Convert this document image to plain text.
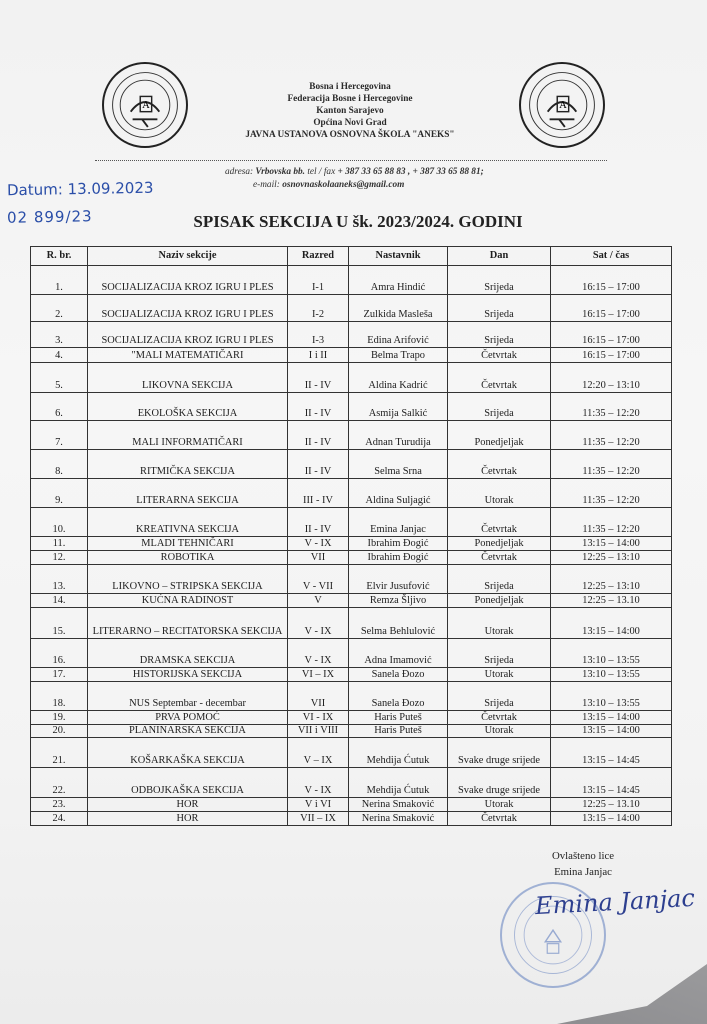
A	A
Bosna i Hercegovina
Federacija Bosne i Hercegovine
Kanton Sarajevo
Općina Novi Grad
JAVNA USTANOVA OSNOVNA ŠKOLA "ANEKS"
adresa: Vrbovska bb. tel / fax + 387 33 65 88 83 , + 387 33 65 88 81;
e-mail: osnovnaskolaaneks@gmail.com
Datum: 13.09.2023
02 899/23	SPISAK SEKCIJA U šk. 2023/2024. GODINI
R. br.	Naziv sekcije	Razred	Nastavnik	Dan	Sat / čas
1.	SOCIJALIZACIJA KROZ IGRU I PLES	I-1	Amra Hindić	Srijeda	16:15 – 17:00
2.	SOCIJALIZACIJA KROZ IGRU I PLES	I-2	Zulkida Masleša	Srijeda	16:15 – 17:00
3.	SOCIJALIZACIJA KROZ IGRU I PLES	I-3	Edina Arifović	Srijeda	16:15 – 17:00
4.	"MALI MATEMATIČARI	I i II	Belma Trapo	Četvrtak	16:15 – 17:00
5.	LIKOVNA SEKCIJA	II - IV	Aldina Kadrić	Četvrtak	12:20 – 13:10
6.	EKOLOŠKA SEKCIJA	II - IV	Asmija Salkić	Srijeda	11:35 – 12:20
7.	MALI INFORMATIČARI	II - IV	Adnan Turudija	Ponedjeljak	11:35 – 12:20
8.	RITMIČKA SEKCIJA	II - IV	Selma Srna	Četvrtak	11:35 – 12:20
9.	LITERARNA SEKCIJA	III - IV	Aldina Suljagić	Utorak	11:35 – 12:20
10.	KREATIVNA SEKCIJA	II - IV	Emina Janjac	Četvrtak	11:35 – 12:20
11.	MLADI TEHNIČARI	V - IX	Ibrahim Đogić	Ponedjeljak	13:15 – 14:00
12.	ROBOTIKA	VII	Ibrahim Đogić	Četvrtak	12:25 – 13:10
13.	LIKOVNO – STRIPSKA SEKCIJA	V - VII	Elvir Jusufović	Srijeda	12:25 – 13:10
14.	KUĆNA RADINOST	V	Remza Šljivo	Ponedjeljak	12:25 – 13.10
15.	LITERARNO – RECITATORSKA SEKCIJA	V - IX	Selma Behlulović	Utorak	13:15 – 14:00
16.	DRAMSKA SEKCIJA	V - IX	Adna Imamović	Srijeda	13:10 – 13:55
17.	HISTORIJSKA SEKCIJA	VI – IX	Sanela Đozo	Utorak	13:10 – 13:55
18.	NUS Septembar - decembar	VII	Sanela Đozo	Srijeda	13:10 – 13:55
19.	PRVA POMOĆ	VI - IX	Haris Puteš	Četvrtak	13:15 – 14:00
20.	PLANINARSKA SEKCIJA	VII i VIII	Haris Puteš	Utorak	13:15 – 14:00
21.	KOŠARKAŠKA SEKCIJA	V – IX	Mehdija Ćutuk	Svake druge srijede	13:15 – 14:45
22.	ODBOJKAŠKA SEKCIJA	V - IX	Mehdija Ćutuk	Svake druge srijede	13:15 – 14:45
23.	HOR	V i VI	Nerina Smaković	Utorak	12:25 – 13.10
24.	HOR	VII – IX	Nerina Smaković	Četvrtak	13:15 – 14:00
Ovlašteno lice
Emina Janjac
Emina Janjac
